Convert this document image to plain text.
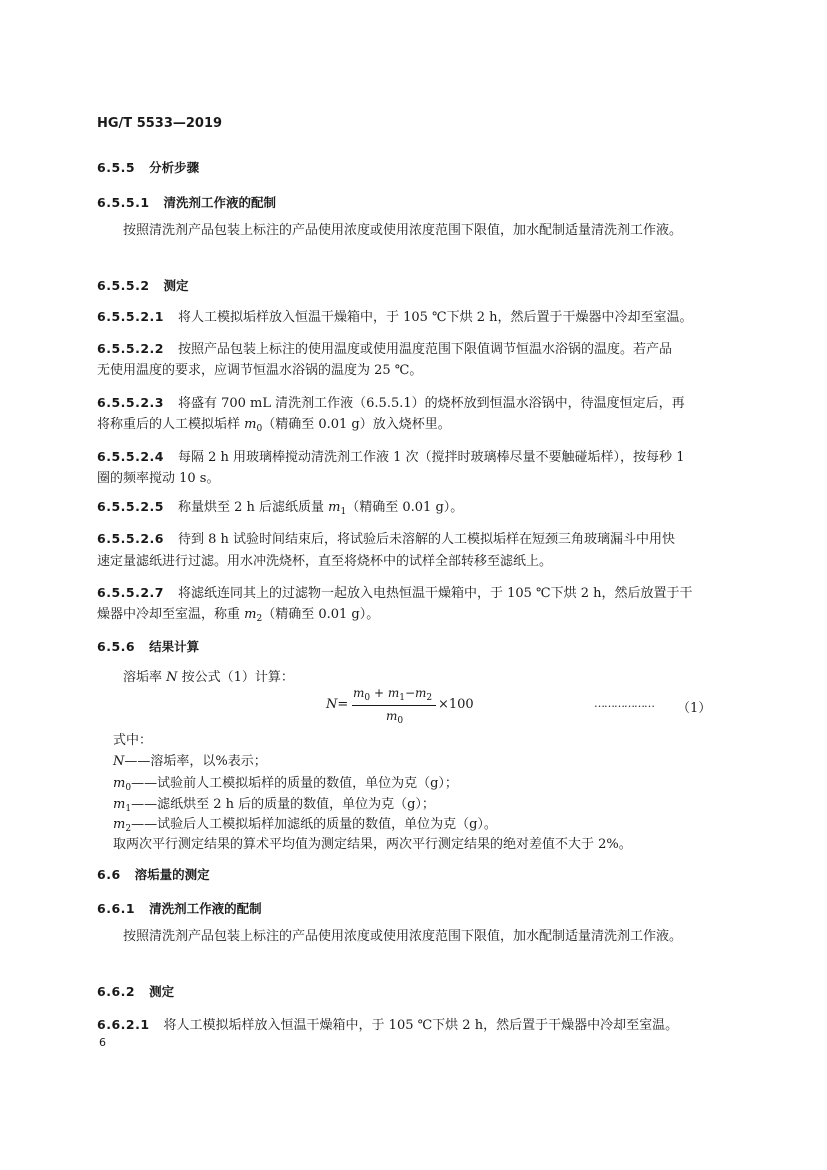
HG/T 5533—2019
6.5.5 分析步骤
6.5.5.1 清洗剂工作液的配制
按照清洗剂产品包装上标注的产品使用浓度或使用浓度范围下限值，加水配制适量清洗剂工作液。
6.5.5.2 测定
6.5.5.2.1 将人工模拟垢样放入恒温干燥箱中，于 105 ℃下烘 2 h，然后置于干燥器中冷却至室温。
6.5.5.2.2 按照产品包装上标注的使用温度或使用温度范围下限值调节恒温水浴锅的温度。若产品
无使用温度的要求，应调节恒温水浴锅的温度为 25 ℃。
6.5.5.2.3 将盛有 700 mL 清洗剂工作液（6.5.5.1）的烧杯放到恒温水浴锅中，待温度恒定后，再
将称重后的人工模拟垢样 $m_0$（精确至 0.01 g）放入烧杯里。
6.5.5.2.4 每隔 2 h 用玻璃棒搅动清洗剂工作液 1 次（搅拌时玻璃棒尽量不要触碰垢样），按每秒 1
圈的频率搅动 10 s。
6.5.5.2.5 称量烘至 2 h 后滤纸质量 $m_1$（精确至 0.01 g）。
6.5.5.2.6 待到 8 h 试验时间结束后，将试验后未溶解的人工模拟垢样在短颈三角玻璃漏斗中用快
速定量滤纸进行过滤。用水冲洗烧杯，直至将烧杯中的试样全部转移至滤纸上。
6.5.5.2.7 将滤纸连同其上的过滤物一起放入电热恒温干燥箱中，于 105 ℃下烘 2 h，然后放置于干
燥器中冷却至室温，称重 $m_2$（精确至 0.01 g）。
6.5.6 结果计算
溶垢率 N 按公式（1）计算：
N=
$m_0 + m_1-m_2$
$m_0$
×100	……………… （1）
式中：
N——溶垢率，以%表示；
$m_0——$试验前人工模拟垢样的质量的数值，单位为克（g）；
$m_1——$滤纸烘至 2 h 后的质量的数值，单位为克（g）；
$m_2——$试验后人工模拟垢样加滤纸的质量的数值，单位为克（g）。
取两次平行测定结果的算术平均值为测定结果，两次平行测定结果的绝对差值不大于 2%。
6.6 溶垢量的测定
6.6.1 清洗剂工作液的配制
按照清洗剂产品包装上标注的产品使用浓度或使用浓度范围下限值，加水配制适量清洗剂工作液。
6.6.2 测定
6.6.2.1 将人工模拟垢样放入恒温干燥箱中，于 105 ℃下烘 2 h，然后置于干燥器中冷却至室温。
6
